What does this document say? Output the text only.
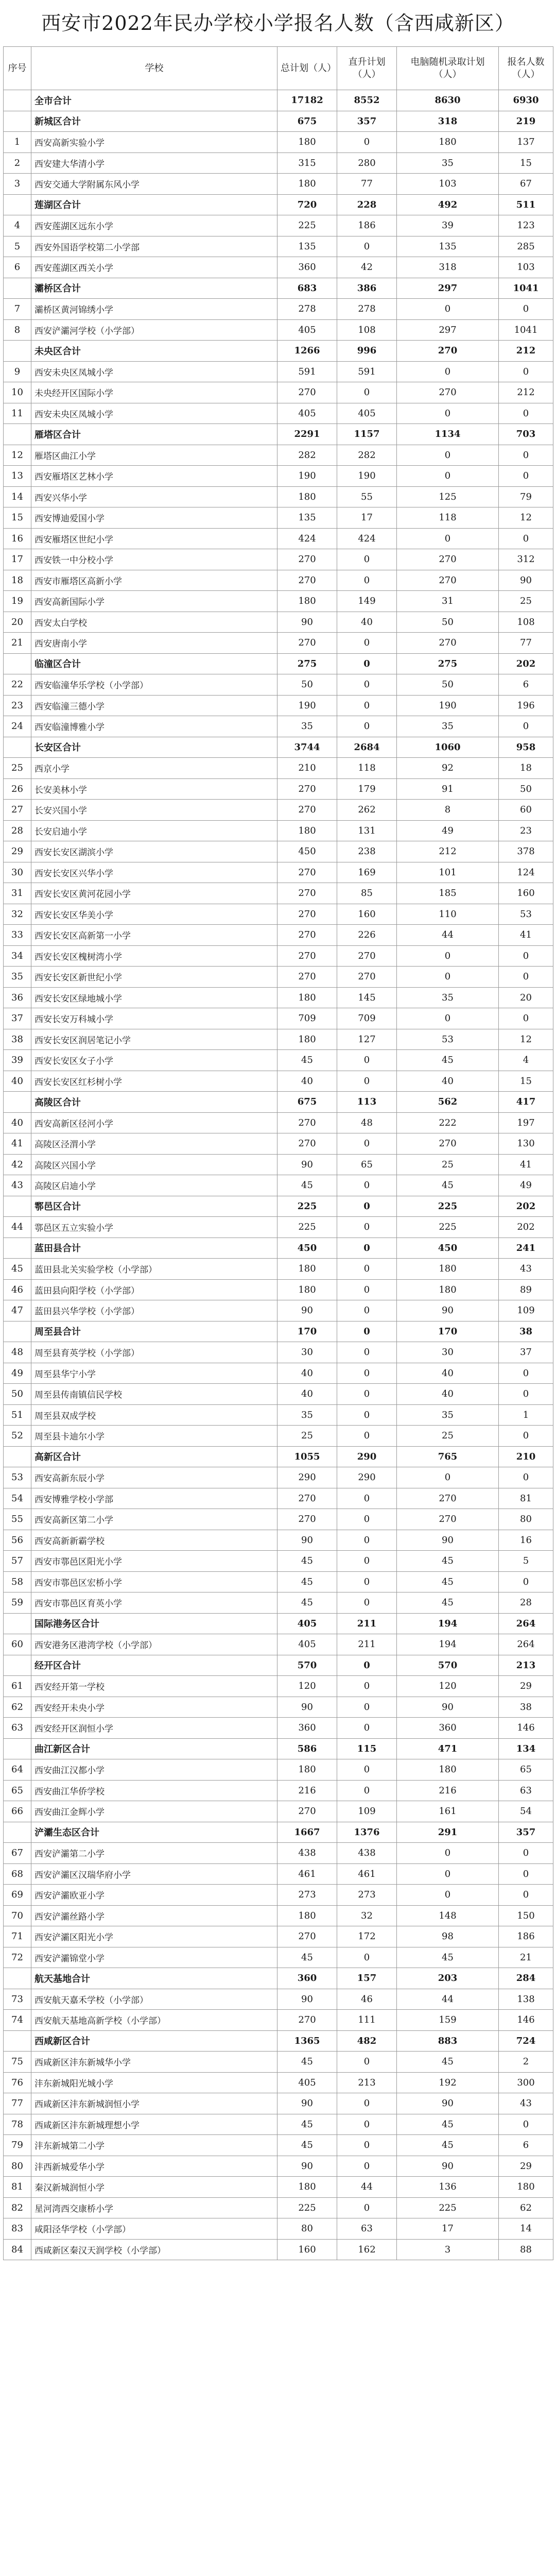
西安市2022年民办学校小学报名人数（含西咸新区）
序号	学校	总计划（人）	直升计划（人）	电脑随机录取计划（人）	报名人数（人）
	全市合计	17182	8552	8630	6930
	新城区合计	675	357	318	219
1	西安高新实验小学	180	0	180	137
2	西安建大华清小学	315	280	35	15
3	西安交通大学附属东风小学	180	77	103	67
	莲湖区合计	720	228	492	511
4	西安莲湖区远东小学	225	186	39	123
5	西安外国语学校第二小学部	135	0	135	285
6	西安莲湖区西关小学	360	42	318	103
	灞桥区合计	683	386	297	1041
7	灞桥区黄河锦绣小学	278	278	0	0
8	西安浐灞河学校（小学部）	405	108	297	1041
	未央区合计	1266	996	270	212
9	西安未央区凤城小学	591	591	0	0
10	未央经开区国际小学	270	0	270	212
11	西安未央区凤城小学	405	405	0	0
	雁塔区合计	2291	1157	1134	703
12	雁塔区曲江小学	282	282	0	0
13	西安雁塔区艺林小学	190	190	0	0
14	西安兴华小学	180	55	125	79
15	西安博迪爱国小学	135	17	118	12
16	西安雁塔区世纪小学	424	424	0	0
17	西安铁一中分校小学	270	0	270	312
18	西安市雁塔区高新小学	270	0	270	90
19	西安高新国际小学	180	149	31	25
20	西安太白学校	90	40	50	108
21	西安唐南小学	270	0	270	77
	临潼区合计	275	0	275	202
22	西安临潼华乐学校（小学部）	50	0	50	6
23	西安临潼三德小学	190	0	190	196
24	西安临潼博雅小学	35	0	35	0
	长安区合计	3744	2684	1060	958
25	西京小学	210	118	92	18
26	长安美林小学	270	179	91	50
27	长安兴国小学	270	262	8	60
28	长安启迪小学	180	131	49	23
29	西安长安区湖滨小学	450	238	212	378
30	西安长安区兴华小学	270	169	101	124
31	西安长安区黄河花园小学	270	85	185	160
32	西安长安区华美小学	270	160	110	53
33	西安长安区高新第一小学	270	226	44	41
34	西安长安区槐树湾小学	270	270	0	0
35	西安长安区新世纪小学	270	270	0	0
36	西安长安区绿地城小学	180	145	35	20
37	西安长安万科城小学	709	709	0	0
38	西安长安区润居笔记小学	180	127	53	12
39	西安长安区女子小学	45	0	45	4
40	西安长安区红杉树小学	40	0	40	15
	高陵区合计	675	113	562	417
40	西安高新区径河小学	270	48	222	197
41	高陵区泾渭小学	270	0	270	130
42	高陵区兴国小学	90	65	25	41
43	高陵区启迪小学	45	0	45	49
	鄠邑区合计	225	0	225	202
44	鄠邑区五立实验小学	225	0	225	202
	蓝田县合计	450	0	450	241
45	蓝田县北关实验学校（小学部）	180	0	180	43
46	蓝田县向阳学校（小学部）	180	0	180	89
47	蓝田县兴华学校（小学部）	90	0	90	109
	周至县合计	170	0	170	38
48	周至县育英学校（小学部）	30	0	30	37
49	周至县华宁小学	40	0	40	0
50	周至县传南镇信民学校	40	0	40	0
51	周至县双成学校	35	0	35	1
52	周至县卡迪尔小学	25	0	25	0
	高新区合计	1055	290	765	210
53	西安高新东辰小学	290	290	0	0
54	西安博雅学校小学部	270	0	270	81
55	西安高新区第二小学	270	0	270	80
56	西安高新新霸学校	90	0	90	16
57	西安市鄠邑区阳光小学	45	0	45	5
58	西安市鄠邑区宏桥小学	45	0	45	0
59	西安市鄠邑区育英小学	45	0	45	28
	国际港务区合计	405	211	194	264
60	西安港务区港湾学校（小学部）	405	211	194	264
	经开区合计	570	0	570	213
61	西安经开第一学校	120	0	120	29
62	西安经开未央小学	90	0	90	38
63	西安经开区润恒小学	360	0	360	146
	曲江新区合计	586	115	471	134
64	西安曲江汉都小学	180	0	180	65
65	西安曲江华侨学校	216	0	216	63
66	西安曲江金辉小学	270	109	161	54
	浐灞生态区合计	1667	1376	291	357
67	西安浐灞第二小学	438	438	0	0
68	西安浐灞区汉瑞华府小学	461	461	0	0
69	西安浐灞欧亚小学	273	273	0	0
70	西安浐灞丝路小学	180	32	148	150
71	西安浐灞区阳光小学	270	172	98	186
72	西安浐灞锦堂小学	45	0	45	21
	航天基地合计	360	157	203	284
73	西安航天嘉禾学校（小学部）	90	46	44	138
74	西安航天基地高新学校（小学部）	270	111	159	146
	西咸新区合计	1365	482	883	724
75	西咸新区沣东新城华小学	45	0	45	2
76	沣东新城阳光城小学	405	213	192	300
77	西咸新区沣东新城润恒小学	90	0	90	43
78	西咸新区沣东新城理想小学	45	0	45	0
79	沣东新城第二小学	45	0	45	6
80	沣西新城爱华小学	90	0	90	29
81	秦汉新城润恒小学	180	44	136	180
82	星河湾西交康桥小学	225	0	225	62
83	咸阳泾华学校（小学部）	80	63	17	14
84	西咸新区秦汉天润学校（小学部）	160	162	3	88
